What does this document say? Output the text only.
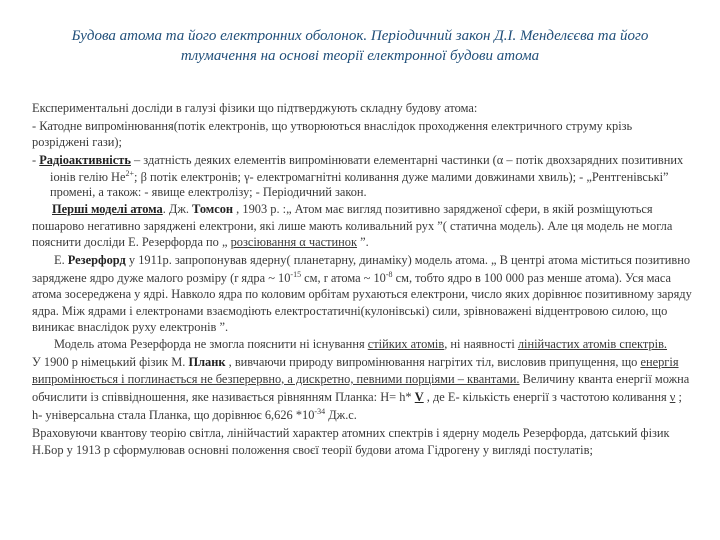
Будова атома та його електронних оболонок. Періодичний закон Д.І. Менделєєва та його
тлумачення на основі теорії електронної будови атома
Експериментальні досліди в галузі фізики що підтверджують складну будову атома:
- Катодне випромінювання(потік електронів, що утворюються внаслідок проходження електричного струму крізь
розріджені гази);
- Радіоактивність – здатність деяких елементів випромінювати елементарні частинки (α – потік двохзарядних позитивних
іонів гелію $He^{2+}$; β потік електронів; γ- електромагнітні коливання дуже малими довжинами хвиль); - „Рентгенівські”
промені, а також: - явище електролізу; - Періодичний закон.
Перші моделі атома. Дж. Томсон , 1903 р. :„ Атом має вигляд позитивно зарядженої сфери, в якій розміщуються
пошарово негативно заряджені електрони, які лише мають коливальний рух ”( статична модель). Але ця модель не могла
пояснити досліди Е. Резерфорда по „ розсіювання α частинок ”.
Е. Резерфорд у 1911р. запропонував ядерну( планетарну, динаміку) модель атома. „ В центрі атома міститься позитивно
заряджене ядро дуже малого розміру (r ядра ~ $10^{-15}$ см, r атома ~ $10^{-8}$ см, тобто ядро в 100 000 раз менше атома). Уся маса
атома зосереджена у ядрі. Навколо ядра по коловим орбітам рухаються електрони, число яких дорівнює позитивному заряду
ядра. Між ядрами і електронами взаємодіють електростатичні(кулонівські) сили, зрівноважені відцентровою силою, що
виникає внаслідок руху електронів ”.
Модель атома Резерфорда не змогла пояснити ні існування стійких атомів, ні наявності лінійчастих атомів спектрів.
У 1900 р німецький фізик М. Планк , вивчаючи природу випромінювання нагрітих тіл, висловив припущення, що енергія
випромінюється і поглинається не безперервно, а дискретно, певними порціями – квантами. Величину кванта енергії можна
обчислити із співвідношення, яке називається рівнянням Планка: H= h* V , де Е- кількість енергії з частотою коливання ν ;
h- універсальна стала Планка, що дорівнює 6,626 $*10^{-34}$ Дж.с.
Враховуючи квантову теорію світла, лінійчастий характер атомних спектрів і ядерну модель Резерфорда, датський фізик
Н.Бор у 1913 р сформулював основні положення своєї теорії будови атома Гідрогену у вигляді постулатів;
